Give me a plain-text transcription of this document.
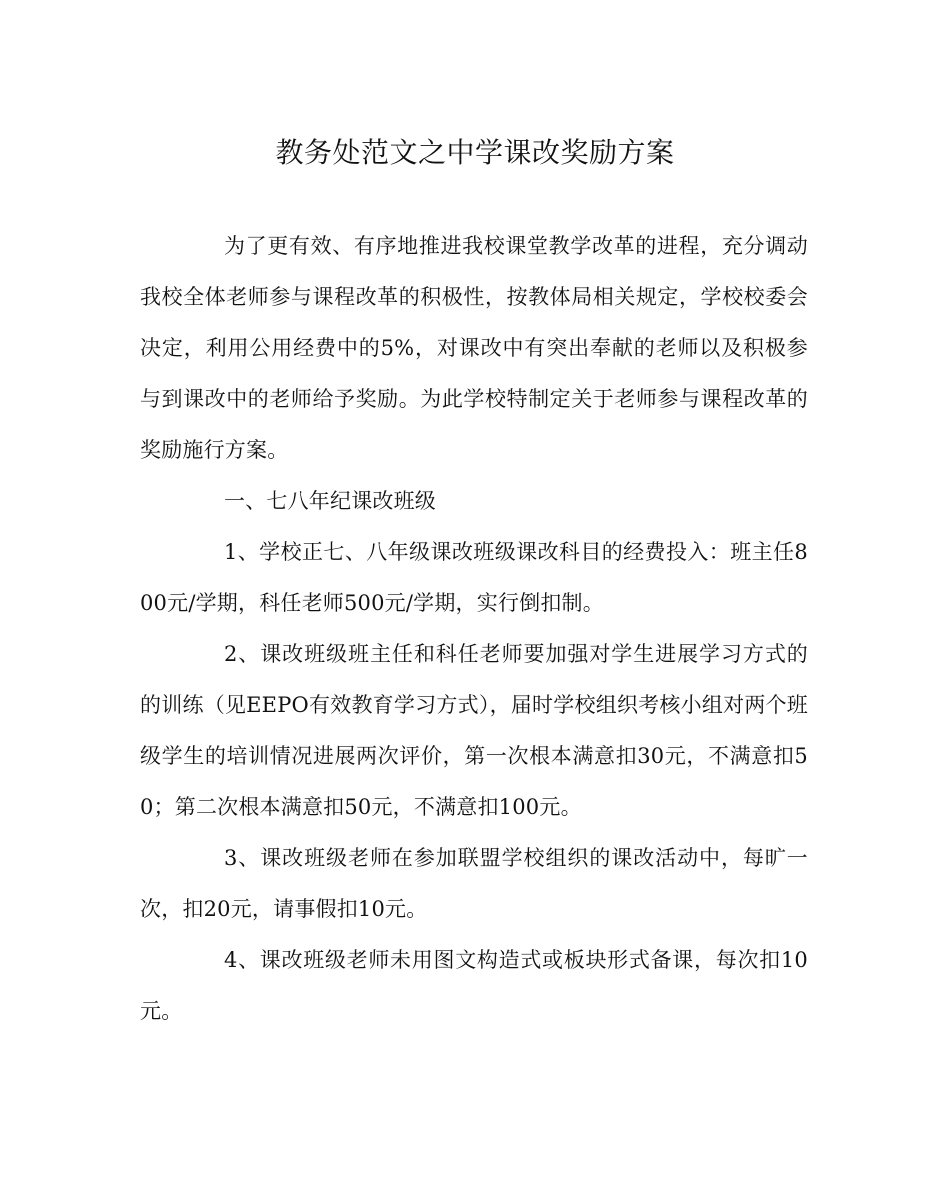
教务处范文之中学课改奖励方案

为了更有效、有序地推进我校课堂教学改革的进程，充分调动我校全体老师参与课程改革的积极性，按教体局相关规定，学校校委会决定，利用公用经费中的5%，对课改中有突出奉献的老师以及积极参与到课改中的老师给予奖励。为此学校特制定关于老师参与课程改革的奖励施行方案。

一、七八年纪课改班级

1、学校正七、八年级课改班级课改科目的经费投入：班主任800元/学期，科任老师500元/学期，实行倒扣制。

2、课改班级班主任和科任老师要加强对学生进展学习方式的的训练（见EEPO有效教育学习方式），届时学校组织考核小组对两个班级学生的培训情况进展两次评价，第一次根本满意扣30元，不满意扣50；第二次根本满意扣50元，不满意扣100元。

3、课改班级老师在参加联盟学校组织的课改活动中，每旷一次，扣20元，请事假扣10元。

4、课改班级老师未用图文构造式或板块形式备课，每次扣10元。
